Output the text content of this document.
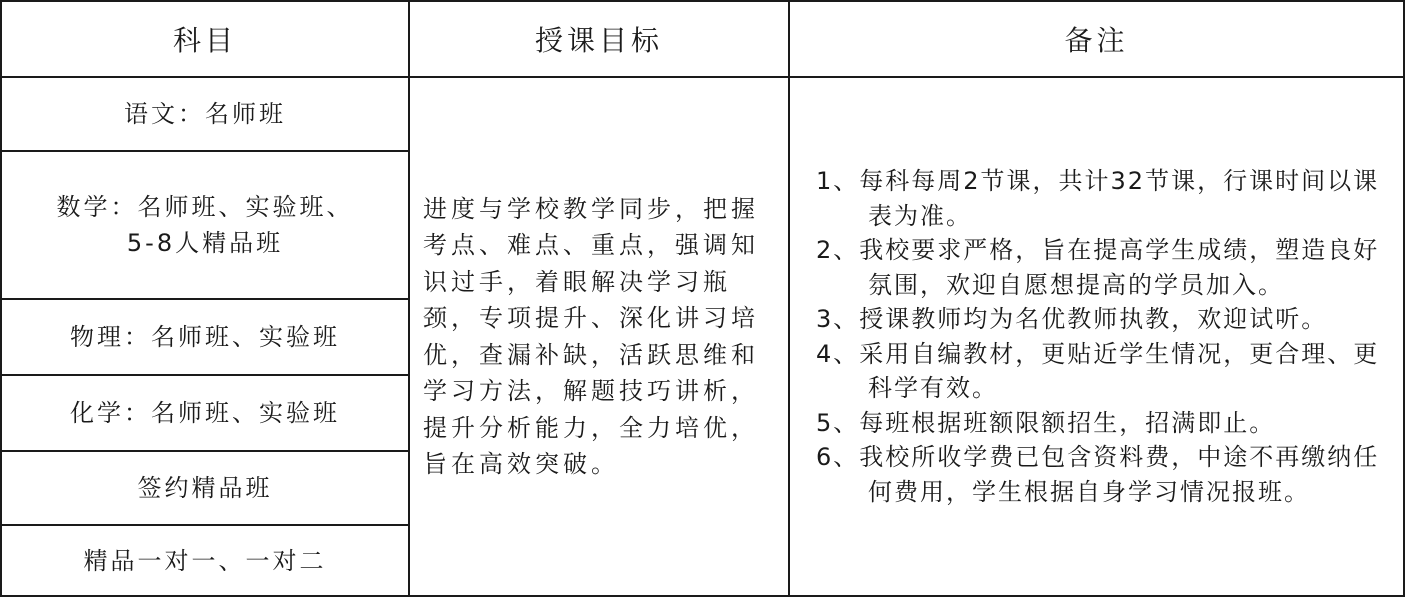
科目	授课目标	备注
语文：名师班
数学：名师班、实验班、
5-8人精品班
物理：名师班、实验班
化学：名师班、实验班
签约精品班
精品一对一、一对二

进度与学校教学同步，把握考点、难点、重点，强调知识过手，着眼解决学习瓶颈，专项提升、深化讲习培优，查漏补缺，活跃思维和学习方法，解题技巧讲析，提升分析能力，全力培优，旨在高效突破。

1、每科每周2节课，共计32节课，行课时间以课表为准。
2、我校要求严格，旨在提高学生成绩，塑造良好氛围，欢迎自愿想提高的学员加入。
3、授课教师均为名优教师执教，欢迎试听。
4、采用自编教材，更贴近学生情况，更合理、更科学有效。
5、每班根据班额限额招生，招满即止。
6、我校所收学费已包含资料费，中途不再缴纳任何费用，学生根据自身学习情况报班。
